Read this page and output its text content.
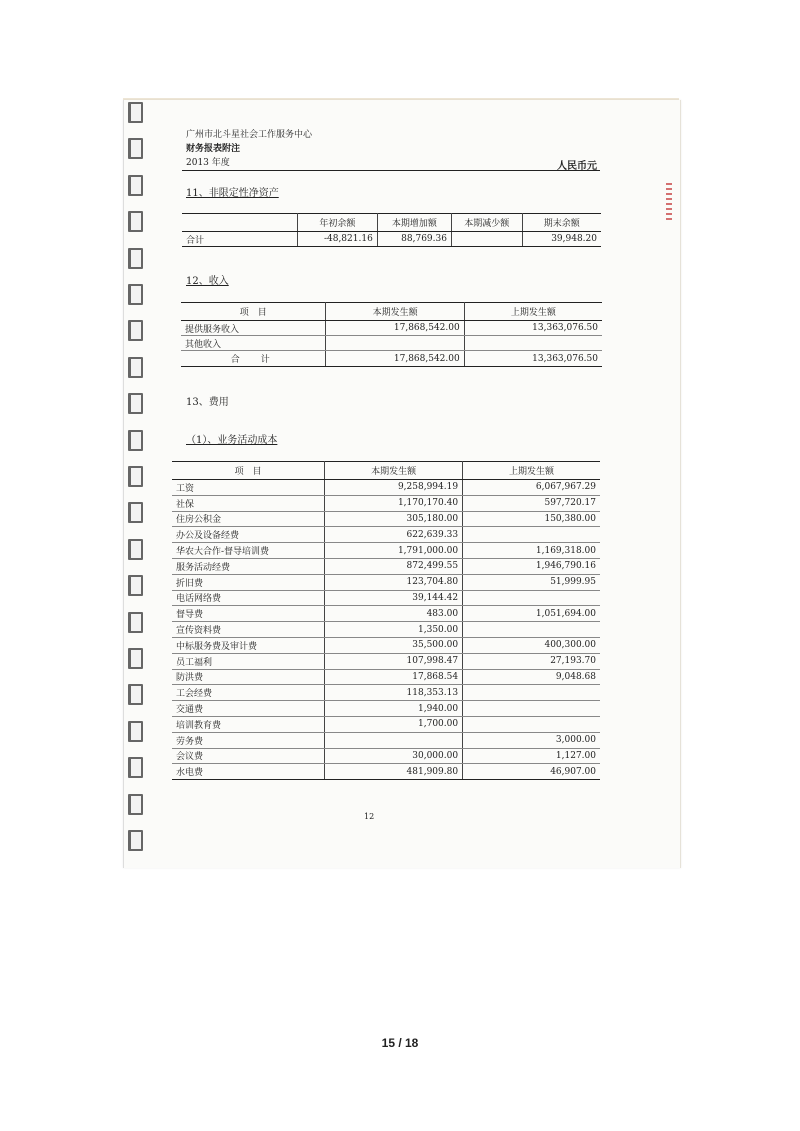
广州市北斗星社会工作服务中心
财务报表附注
2013 年度	人民币元
11、非限定性净资产
	年初余额	本期增加额	本期减少额	期末余额
合计	-48,821.16	88,769.36		39,948.20
12、收入
项　目	本期发生额	上期发生额
提供服务收入	17,868,542.00	13,363,076.50
其他收入		
合　计	17,868,542.00	13,363,076.50
13、费用
（1）、业务活动成本
项　目	本期发生额	上期发生额
工资	9,258,994.19	6,067,967.29
社保	1,170,170.40	597,720.17
住房公积金	305,180.00	150,380.00
办公及设备经费	622,639.33	
华农大合作-督导培训费	1,791,000.00	1,169,318.00
服务活动经费	872,499.55	1,946,790.16
折旧费	123,704.80	51,999.95
电话网络费	39,144.42	
督导费	483.00	1,051,694.00
宣传资料费	1,350.00	
中标服务费及审计费	35,500.00	400,300.00
员工福利	107,998.47	27,193.70
防洪费	17,868.54	9,048.68
工会经费	118,353.13	
交通费	1,940.00	
培训教育费	1,700.00	
劳务费		3,000.00
会议费	30,000.00	1,127.00
水电费	481,909.80	46,907.00
12
15 / 18
